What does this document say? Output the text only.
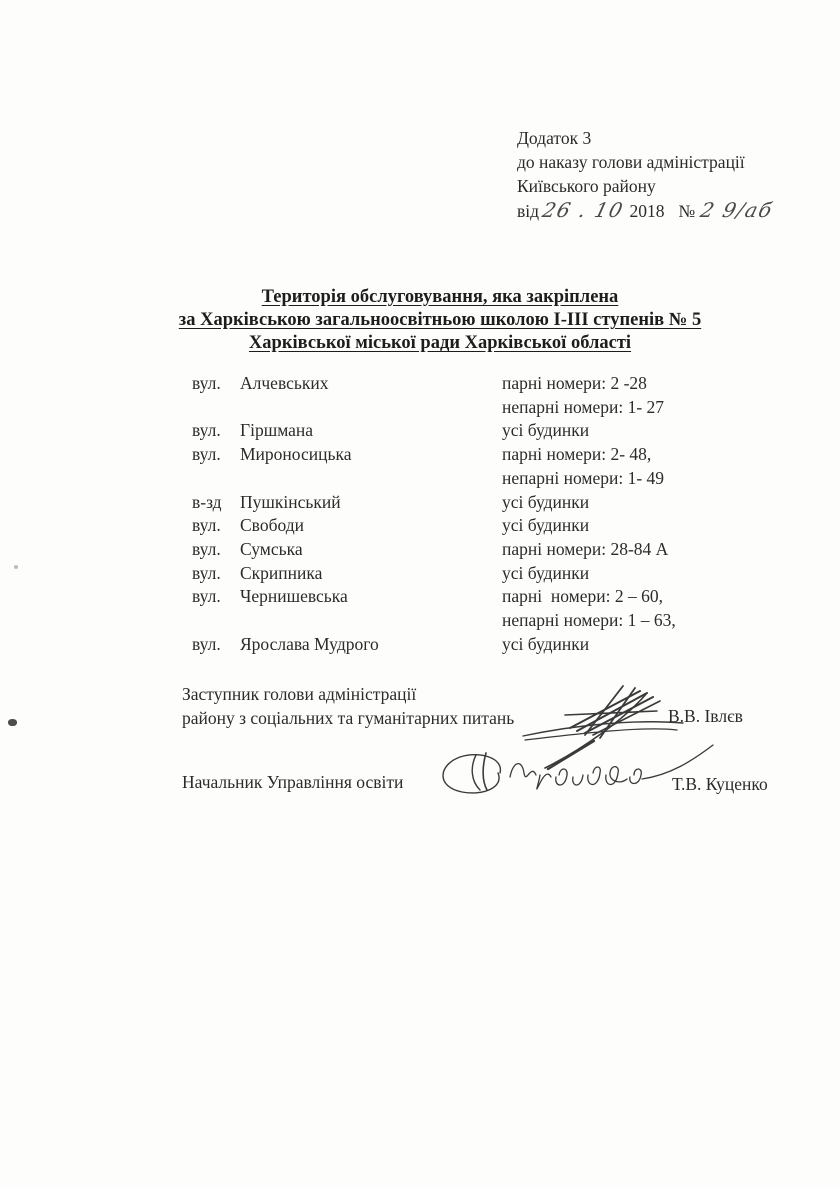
Додаток 3
до наказу голови адміністрації
Київського району
від26 . 10 2018 № 2 9/аб
Територія обслуговування, яка закріплена
за Харківською загальноосвітньою школою І-ІІІ ступенів № 5
Харківської міської ради Харківської області
вул.	Алчевських	парні номери: 2 -28
непарні номери: 1- 27
вул.	Гіршмана	усі будинки
вул.	Мироносицька	парні номери: 2- 48,
непарні номери: 1- 49
в-зд	Пушкінський	усі будинки
вул.	Свободи	усі будинки
вул.	Сумська	парні номери: 28-84 А
вул.	Скрипника	усі будинки
вул.	Чернишевська	парні  номери: 2 – 60,
непарні номери: 1 – 63,
вул.	Ярослава Мудрого	усі будинки
Заступник голови адміністрації
району з соціальних та гуманітарних питань	В.В. Івлєв
Начальник Управління освіти	Т.В. Куценко
